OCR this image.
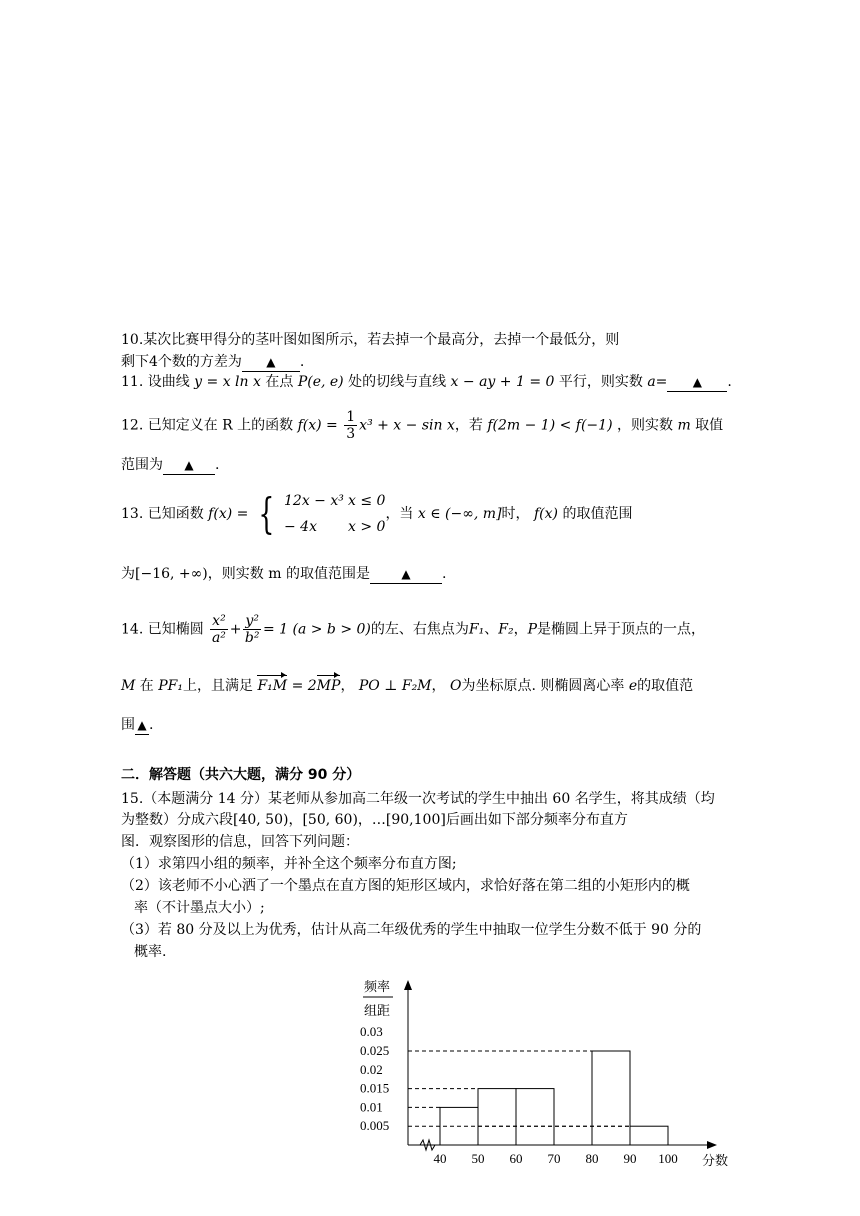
10.某次比赛甲得分的茎叶图如图所示，若去掉一个最高分，去掉一个最低分，则
剩下4个数的方差为 ▲ .
11. 设曲线 y = x ln x 在点 P(e, e) 处的切线与直线 x − ay + 1 = 0 平行，则实数 a= ▲ .
12. 已知定义在 R 上的函数 $f(x) = \frac{1}{3} x^3 + x - \sin x$，若 f(2m − 1) < f(−1) ，则实数 m 取值
范围为 ▲ .
13. 已知函数 f(x) = { 12x − x³ x ≤ 0
− 4x x > 0
，当 x ∈ (−∞, m]时， f(x) 的取值范围
为[−16, +∞)，则实数 m 的取值范围是	▲ .
14. 已知椭圆 $\frac{\text{x²}}{\text{a²}} + \frac{\text{y²}}{\text{b²}} = 1$ (a > b > 0)的左、右焦点为F₁、F₂，P是椭圆上异于顶点的一点，
M 在 PF₁上，且满足 F₁M = 2MP， PO ⊥ F₂M， O为坐标原点. 则椭圆离心率 e的取值范
围 ▲ .
二．解答题（共六大题，满分 90 分）
15.（本题满分 14 分）某老师从参加高二年级一次考试的学生中抽出 60 名学生，将其成绩（均
为整数）分成六段[40, 50)，[50, 60)，…[90,100]后画出如下部分频率分布直方
图．观察图形的信息，回答下列问题：
（1）求第四小组的频率，并补全这个频率分布直方图;
（2）该老师不小心洒了一个墨点在直方图的矩形区域内，求恰好落在第二组的小矩形内的概
率（不计墨点大小）;
（3）若 80 分及以上为优秀，估计从高二年级优秀的学生中抽取一位学生分数不低于 90 分的
概率.
频率
组距
0.03
0.025
0.02
0.015
0.01
0.005
40 50 60 70 80 90 100 分数
